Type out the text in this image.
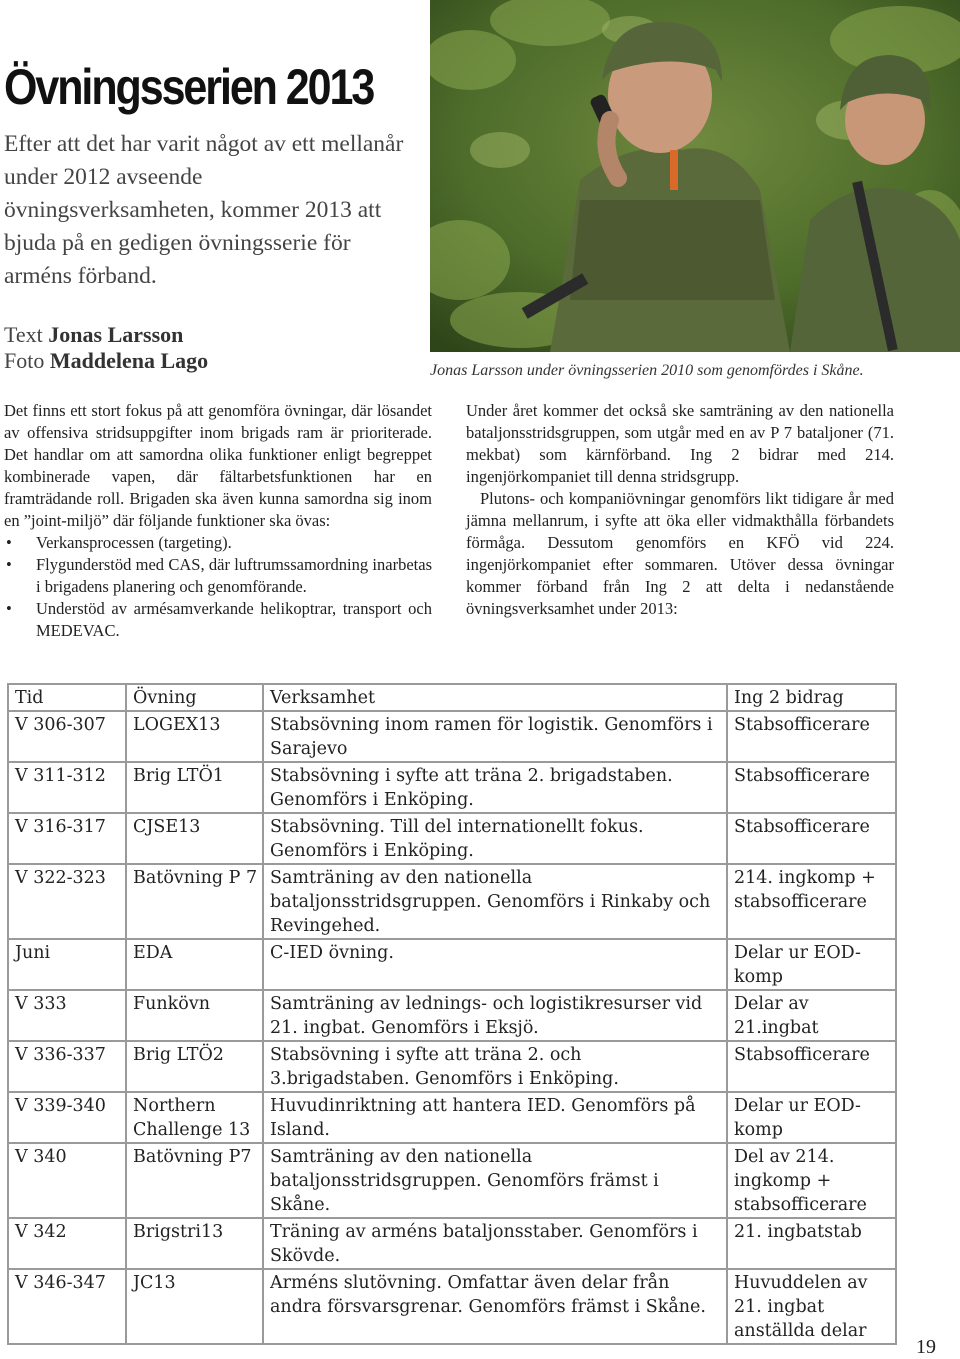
Övningsserien 2013

Efter att det har varit något av ett mellanår under 2012 avseende övningsverksamheten, kommer 2013 att bjuda på en gedigen övningsserie för arméns förband.

Text Jonas Larsson
Foto Maddelena Lago	Jonas Larsson under övningsserien 2010 som genomfördes i Skåne.

Det finns ett stort fokus på att genomföra övningar, där lösandet av offensiva stridsuppgifter inom brigads ram är prioriterade. Det handlar om att samordna olika funktioner enligt begreppet kombinerade vapen, där fältarbetsfunktionen har en framträdande roll. Brigaden ska även kunna samordna sig inom en ”joint-miljö” där följande funktioner ska övas:

• Verkansprocessen (targeting).
• Flygunderstöd med CAS, där luftrumssamordning inarbetas i brigadens planering och genomförande.
• Understöd av armésamverkande helikoptrar, transport och MEDEVAC.

Under året kommer det också ske samträning av den nationella bataljonsstridsgruppen, som utgår med en av P 7 bataljoner (71. mekbat) som kärnförband. Ing 2 bidrar med 214. ingenjörkompaniet till denna stridsgrupp.

Plutons- och kompaniövningar genomförs likt tidigare år med jämna mellanrum, i syfte att öka eller vidmakthålla förbandets förmåga. Dessutom genomförs en KFÖ vid 224. ingenjörkompaniet efter sommaren. Utöver dessa övningar kommer förband från Ing 2 att delta i nedanstående övningsverksamhet under 2013:

Tid	Övning	Verksamhet	Ing 2 bidrag
V 306-307	LOGEX13	Stabsövning inom ramen för logistik. Genomförs i Sarajevo	Stabsofficerare
V 311-312	Brig LTÖ1	Stabsövning i syfte att träna 2. brigadstaben. Genomförs i Enköping.	Stabsofficerare
V 316-317	CJSE13	Stabsövning. Till del internationellt fokus. Genomförs i Enköping.	Stabsofficerare
V 322-323	Batövning P 7	Samträning av den nationella bataljonsstridsgruppen. Genomförs i Rinkaby och Revingehed.	214. ingkomp + stabsofficerare
Juni	EDA	C-IED övning.	Delar ur EOD-komp
V 333	Funkövn	Samträning av lednings- och logistikresurser vid 21. ingbat. Genomförs i Eksjö.	Delar av 21.ingbat
V 336-337	Brig LTÖ2	Stabsövning i syfte att träna 2. och 3.brigadstaben. Genomförs i Enköping.	Stabsofficerare
V 339-340	Northern Challenge 13	Huvudinriktning att hantera IED. Genomförs på Island.	Delar ur EOD-komp
V 340	Batövning P7	Samträning av den nationella bataljonsstridsgruppen. Genomförs främst i Skåne.	Del av 214. ingkomp + stabsofficerare
V 342	Brigstri13	Träning av arméns bataljonsstaber. Genomförs i Skövde.	21. ingbatstab
V 346-347	JC13	Arméns slutövning. Omfattar även delar från andra försvarsgrenar. Genomförs främst i Skåne.	Huvuddelen av 21. ingbat anställda delar

19
